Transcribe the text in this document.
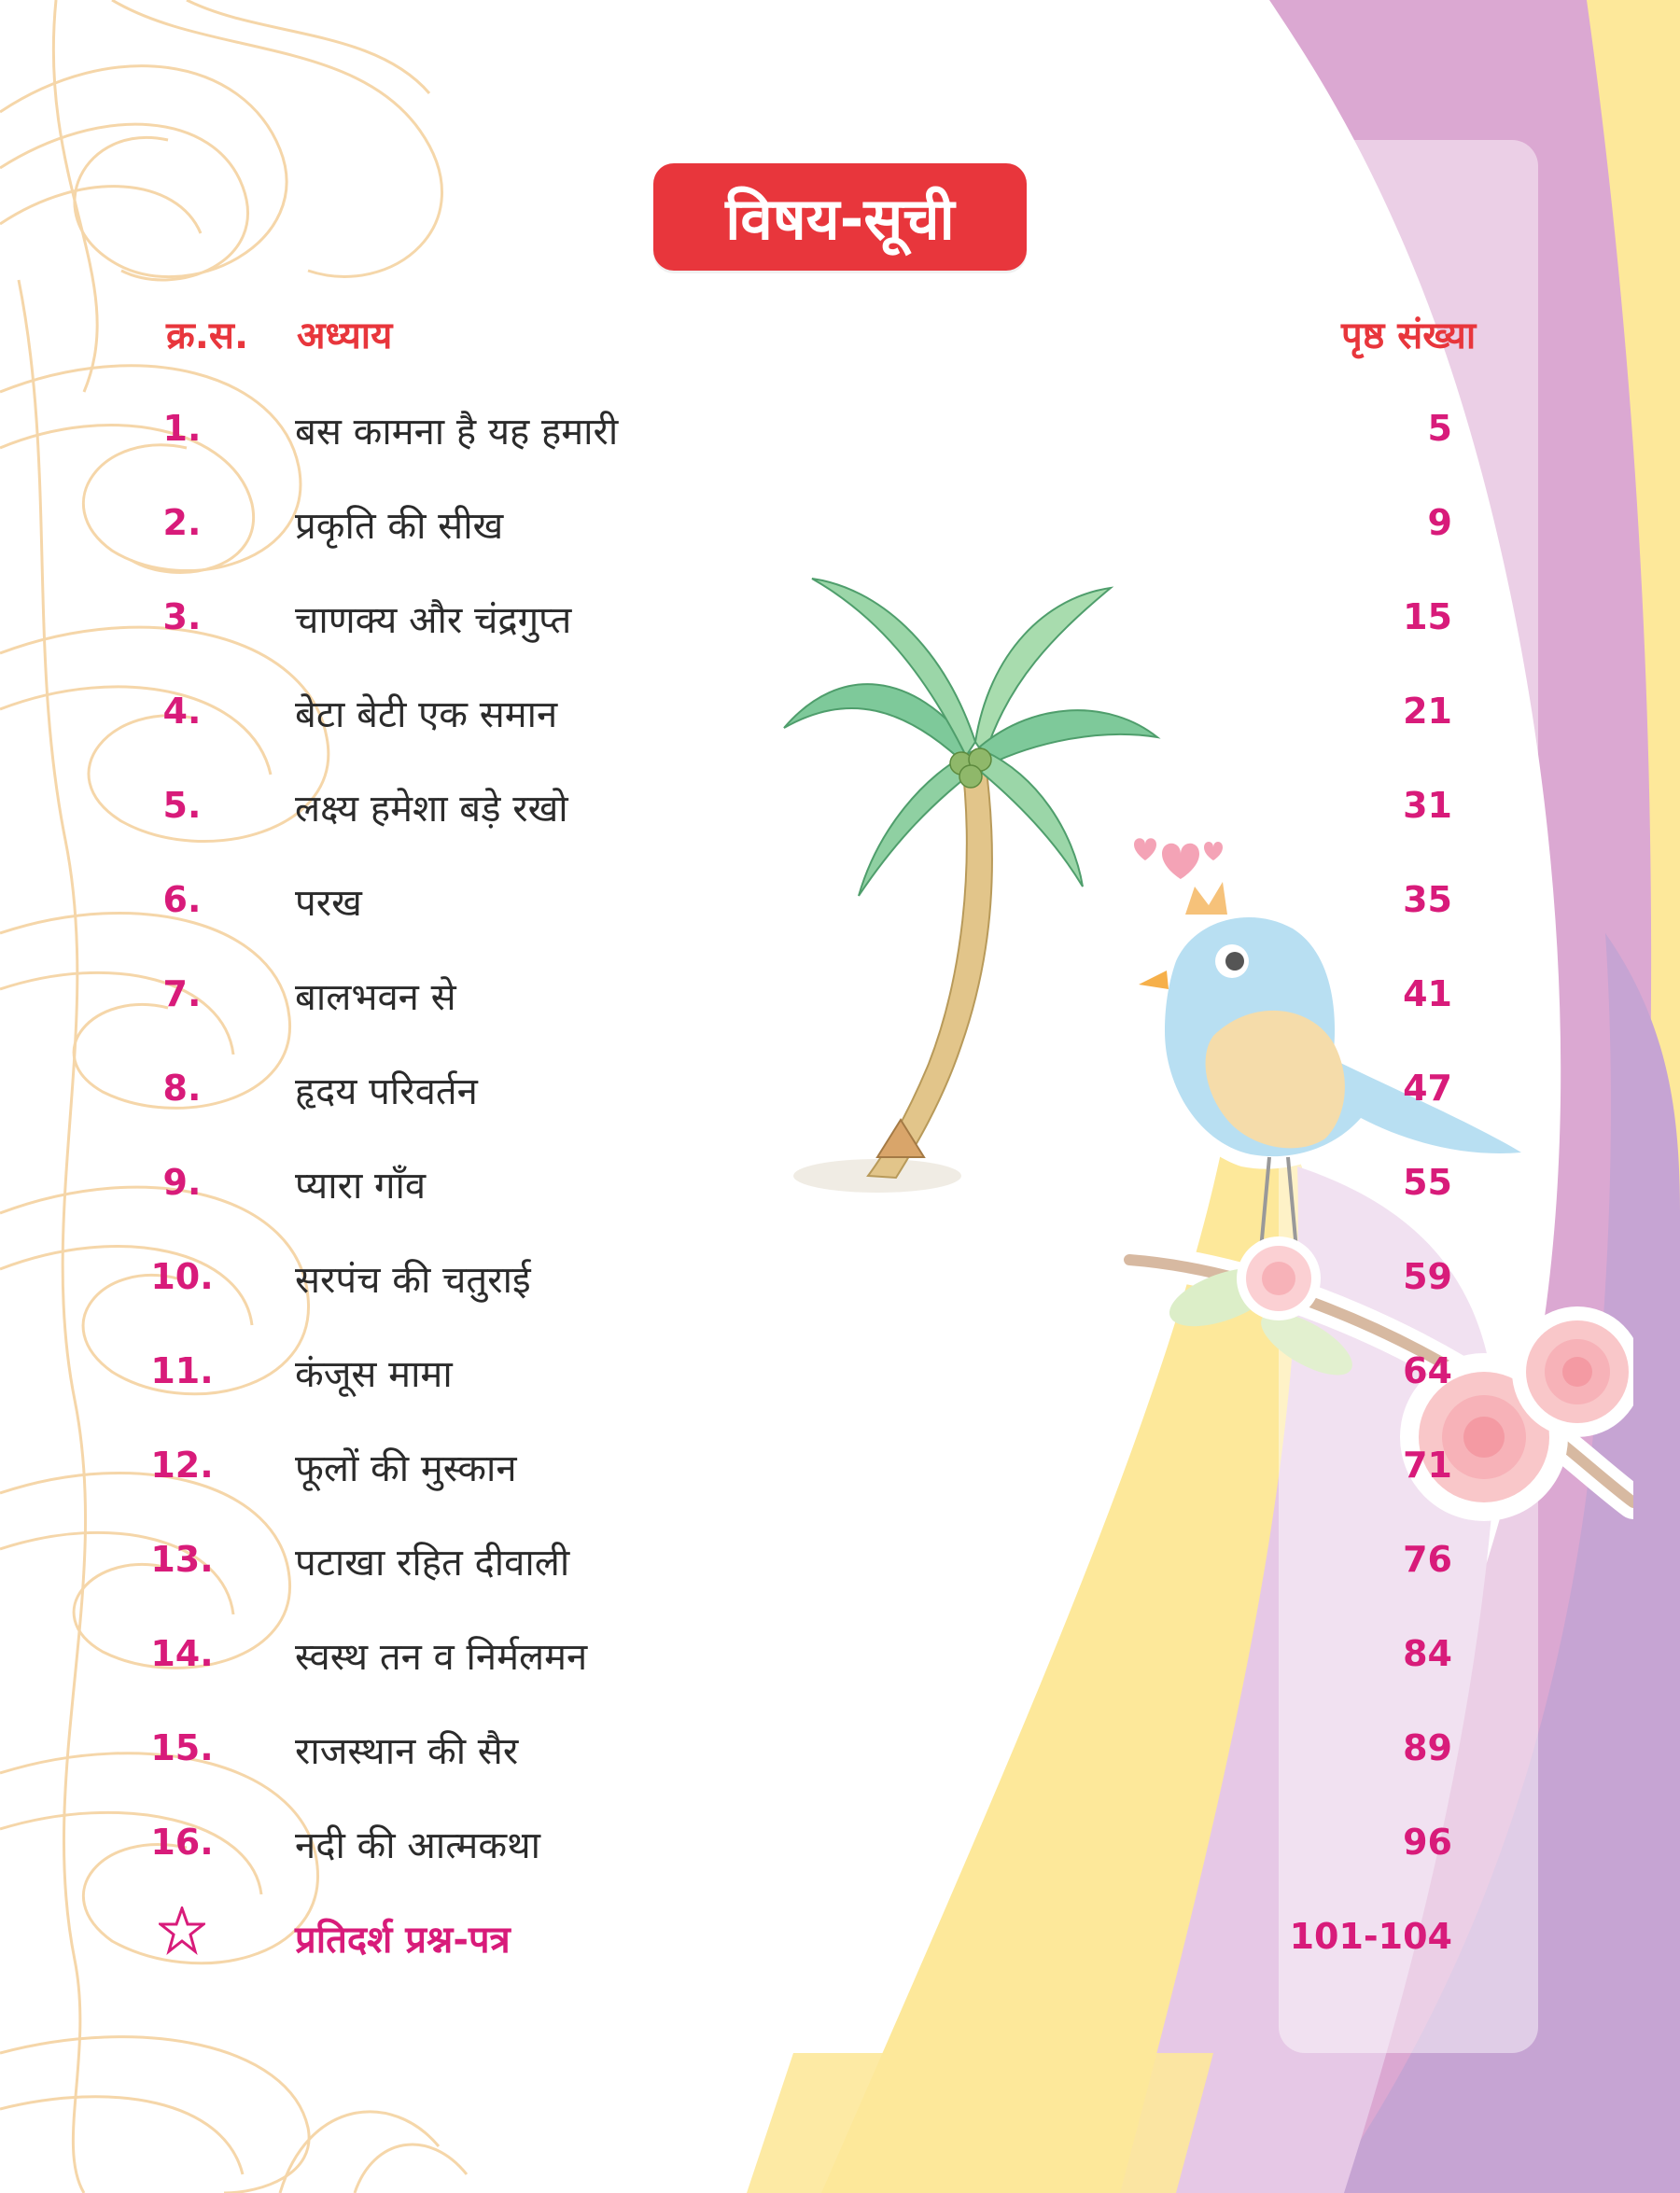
विषय-सूची
क्र.स. अध्याय	पृष्ठ संख्या
1.	बस कामना है यह हमारी	5
2.	प्रकृति की सीख	9
3.	चाणक्य और चंद्रगुप्त	15
4.	बेटा बेटी एक समान	21
5.	लक्ष्य हमेशा बड़े रखो	31
6.	परख	35
7.	बालभवन से	41
8.	हृदय परिवर्तन	47
9.	प्यारा गाँव	55
10. सरपंच की चतुराई	59
11. कंजूस मामा	64
12. फूलों की मुस्कान	71
13. पटाखा रहित दीवाली	76
14. स्वस्थ तन व निर्मलमन	84
15. राजस्थान की सैर	89
16. नदी की आत्मकथा	96
प्रतिदर्श प्रश्न-पत्र	101-104
